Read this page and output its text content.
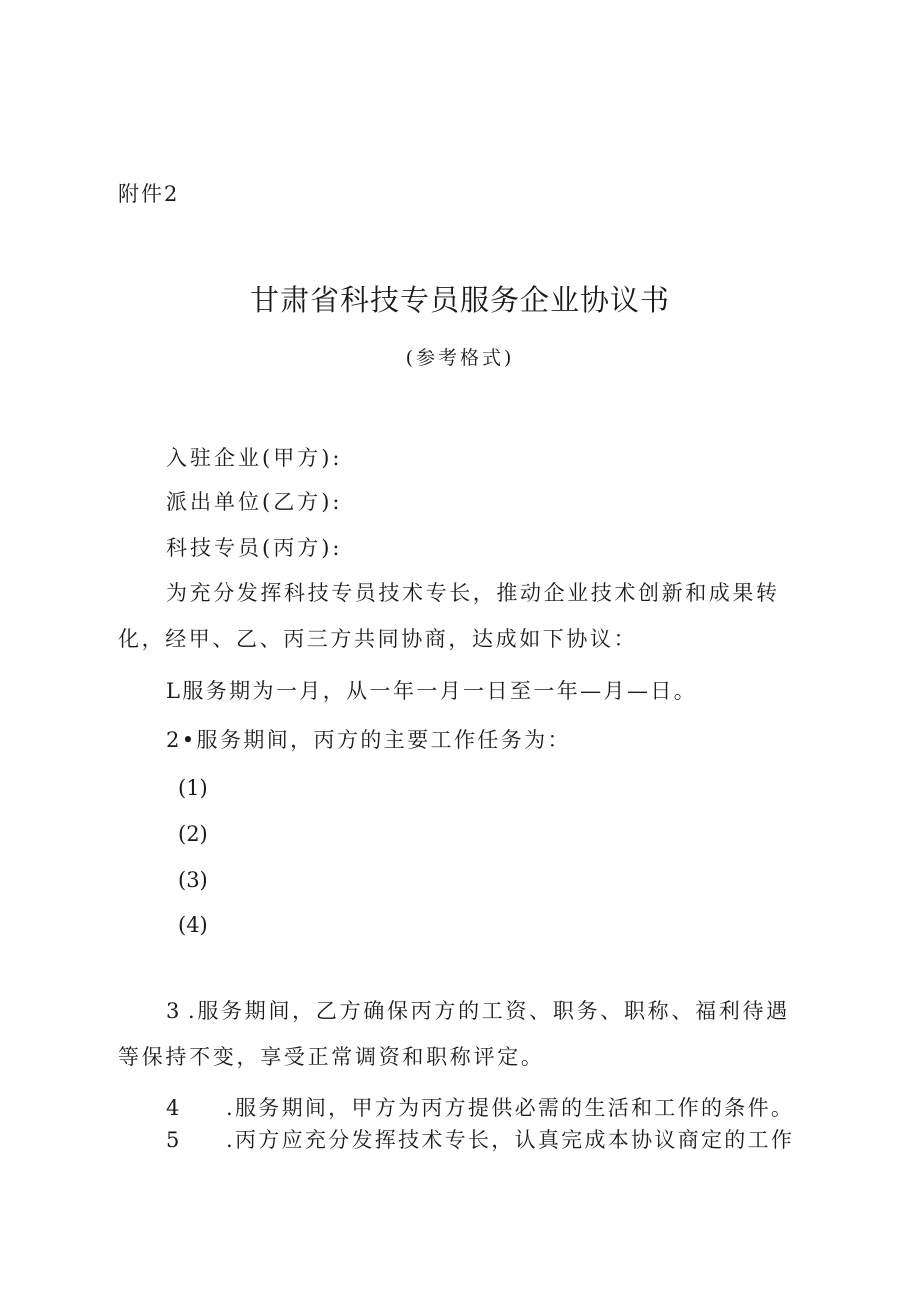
附件2
甘肃省科技专员服务企业协议书
(参考格式)
入驻企业(甲方):
派出单位(乙方):
科技专员(丙方):
为充分发挥科技专员技术专长，推动企业技术创新和成果转
化，经甲、乙、丙三方共同协商，达成如下协议：
L服务期为一月，从一年一月一日至一年—月—日。
2•服务期间，丙方的主要工作任务为：
(1)
(2)
(3)
(4)
3 .服务期间，乙方确保丙方的工资、职务、职称、福利待遇
等保持不变，享受正常调资和职称评定。
4 .服务期间，甲方为丙方提供必需的生活和工作的条件。
5 .丙方应充分发挥技术专长，认真完成本协议商定的工作
